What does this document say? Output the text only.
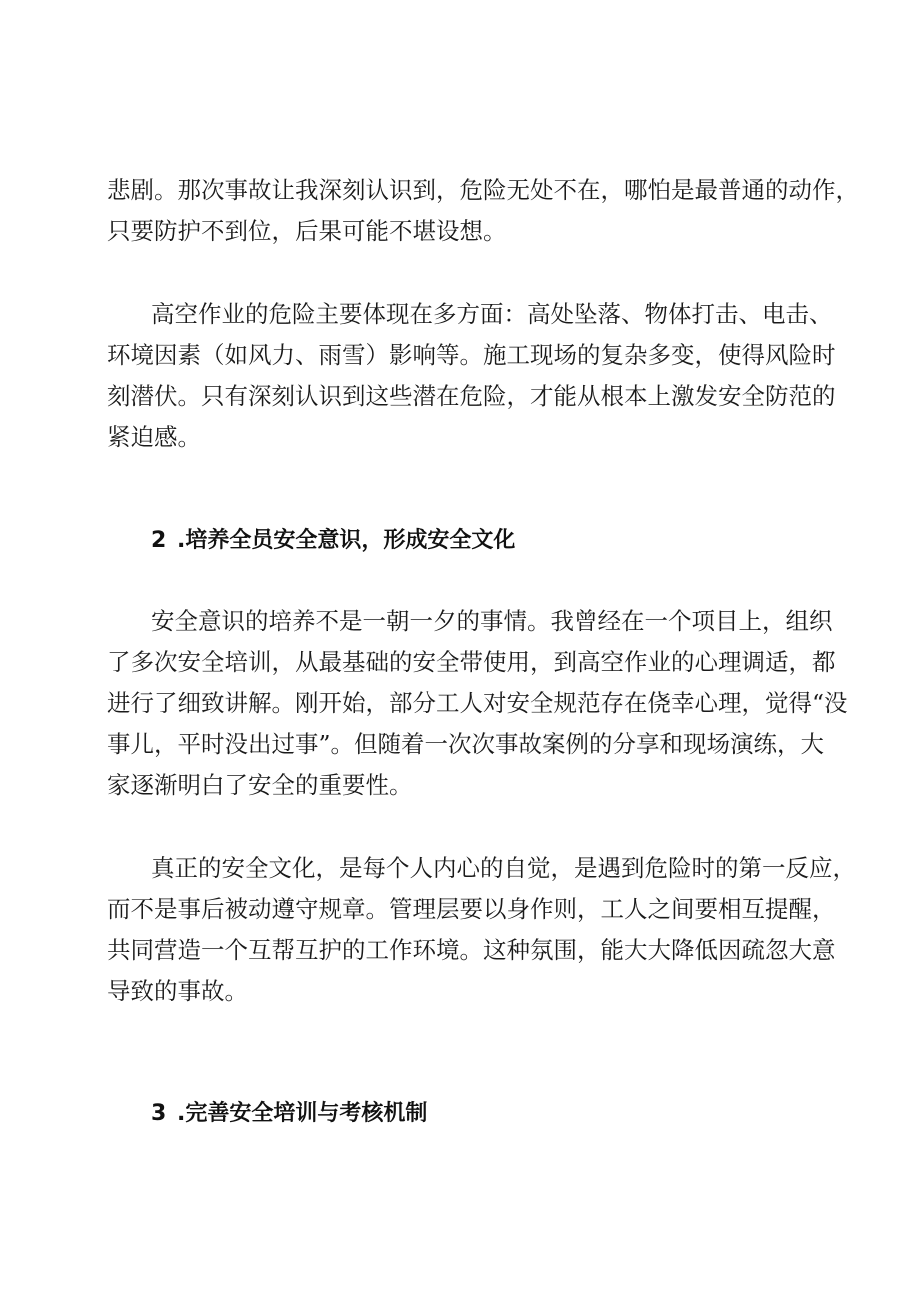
悲剧。那次事故让我深刻认识到，危险无处不在，哪怕是最普通的动作，
只要防护不到位，后果可能不堪设想。
高空作业的危险主要体现在多方面：高处坠落、物体打击、电击、
环境因素（如风力、雨雪）影响等。施工现场的复杂多变，使得风险时
刻潜伏。只有深刻认识到这些潜在危险，才能从根本上激发安全防范的
紧迫感。
2 .培养全员安全意识，形成安全文化
安全意识的培养不是一朝一夕的事情。我曾经在一个项目上，组织
了多次安全培训，从最基础的安全带使用，到高空作业的心理调适，都
进行了细致讲解。刚开始，部分工人对安全规范存在侥幸心理，觉得“没
事儿，平时没出过事”。但随着一次次事故案例的分享和现场演练，大
家逐渐明白了安全的重要性。
真正的安全文化，是每个人内心的自觉，是遇到危险时的第一反应，
而不是事后被动遵守规章。管理层要以身作则，工人之间要相互提醒，
共同营造一个互帮互护的工作环境。这种氛围，能大大降低因疏忽大意
导致的事故。
3 .完善安全培训与考核机制
